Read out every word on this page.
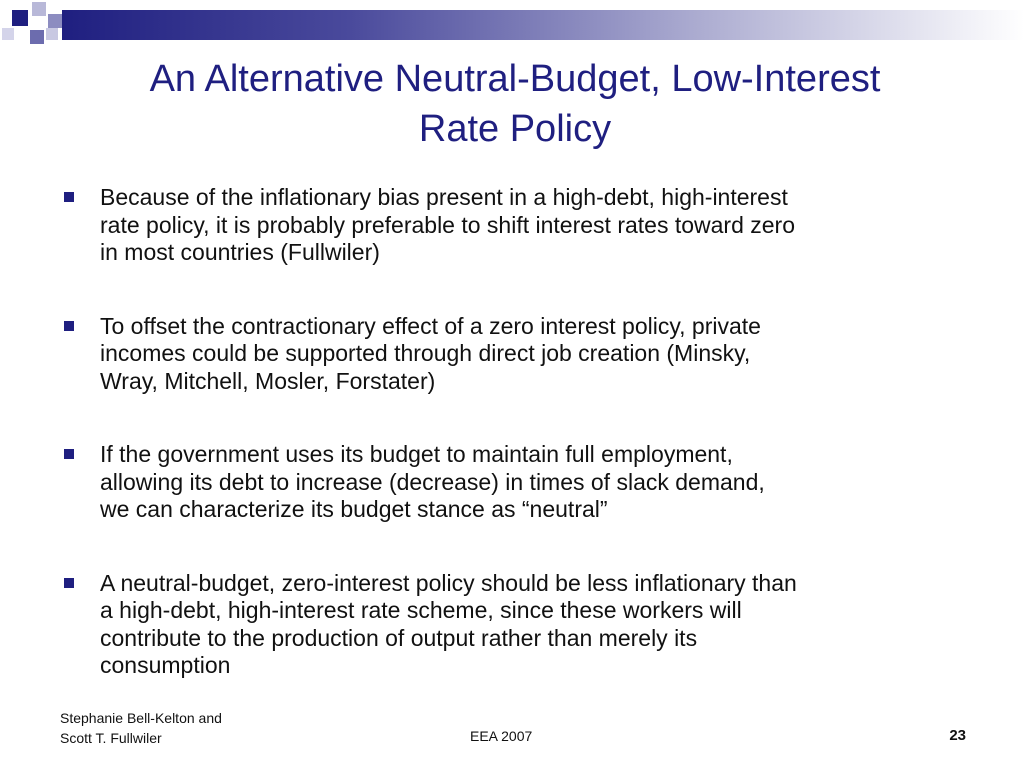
An Alternative Neutral-Budget, Low-Interest
Rate Policy
Because of the inflationary bias present in a high-debt, high-interest
rate policy, it is probably preferable to shift interest rates toward zero
in most countries (Fullwiler)
To offset the contractionary effect of a zero interest policy, private
incomes could be supported through direct job creation (Minsky,
Wray, Mitchell, Mosler, Forstater)
If the government uses its budget to maintain full employment,
allowing its debt to increase (decrease) in times of slack demand,
we can characterize its budget stance as “neutral”
A neutral-budget, zero-interest policy should be less inflationary than
a high-debt, high-interest rate scheme, since these workers will
contribute to the production of output rather than merely its
consumption
Stephanie Bell-Kelton and
Scott T. Fullwiler	EEA 2007	23
